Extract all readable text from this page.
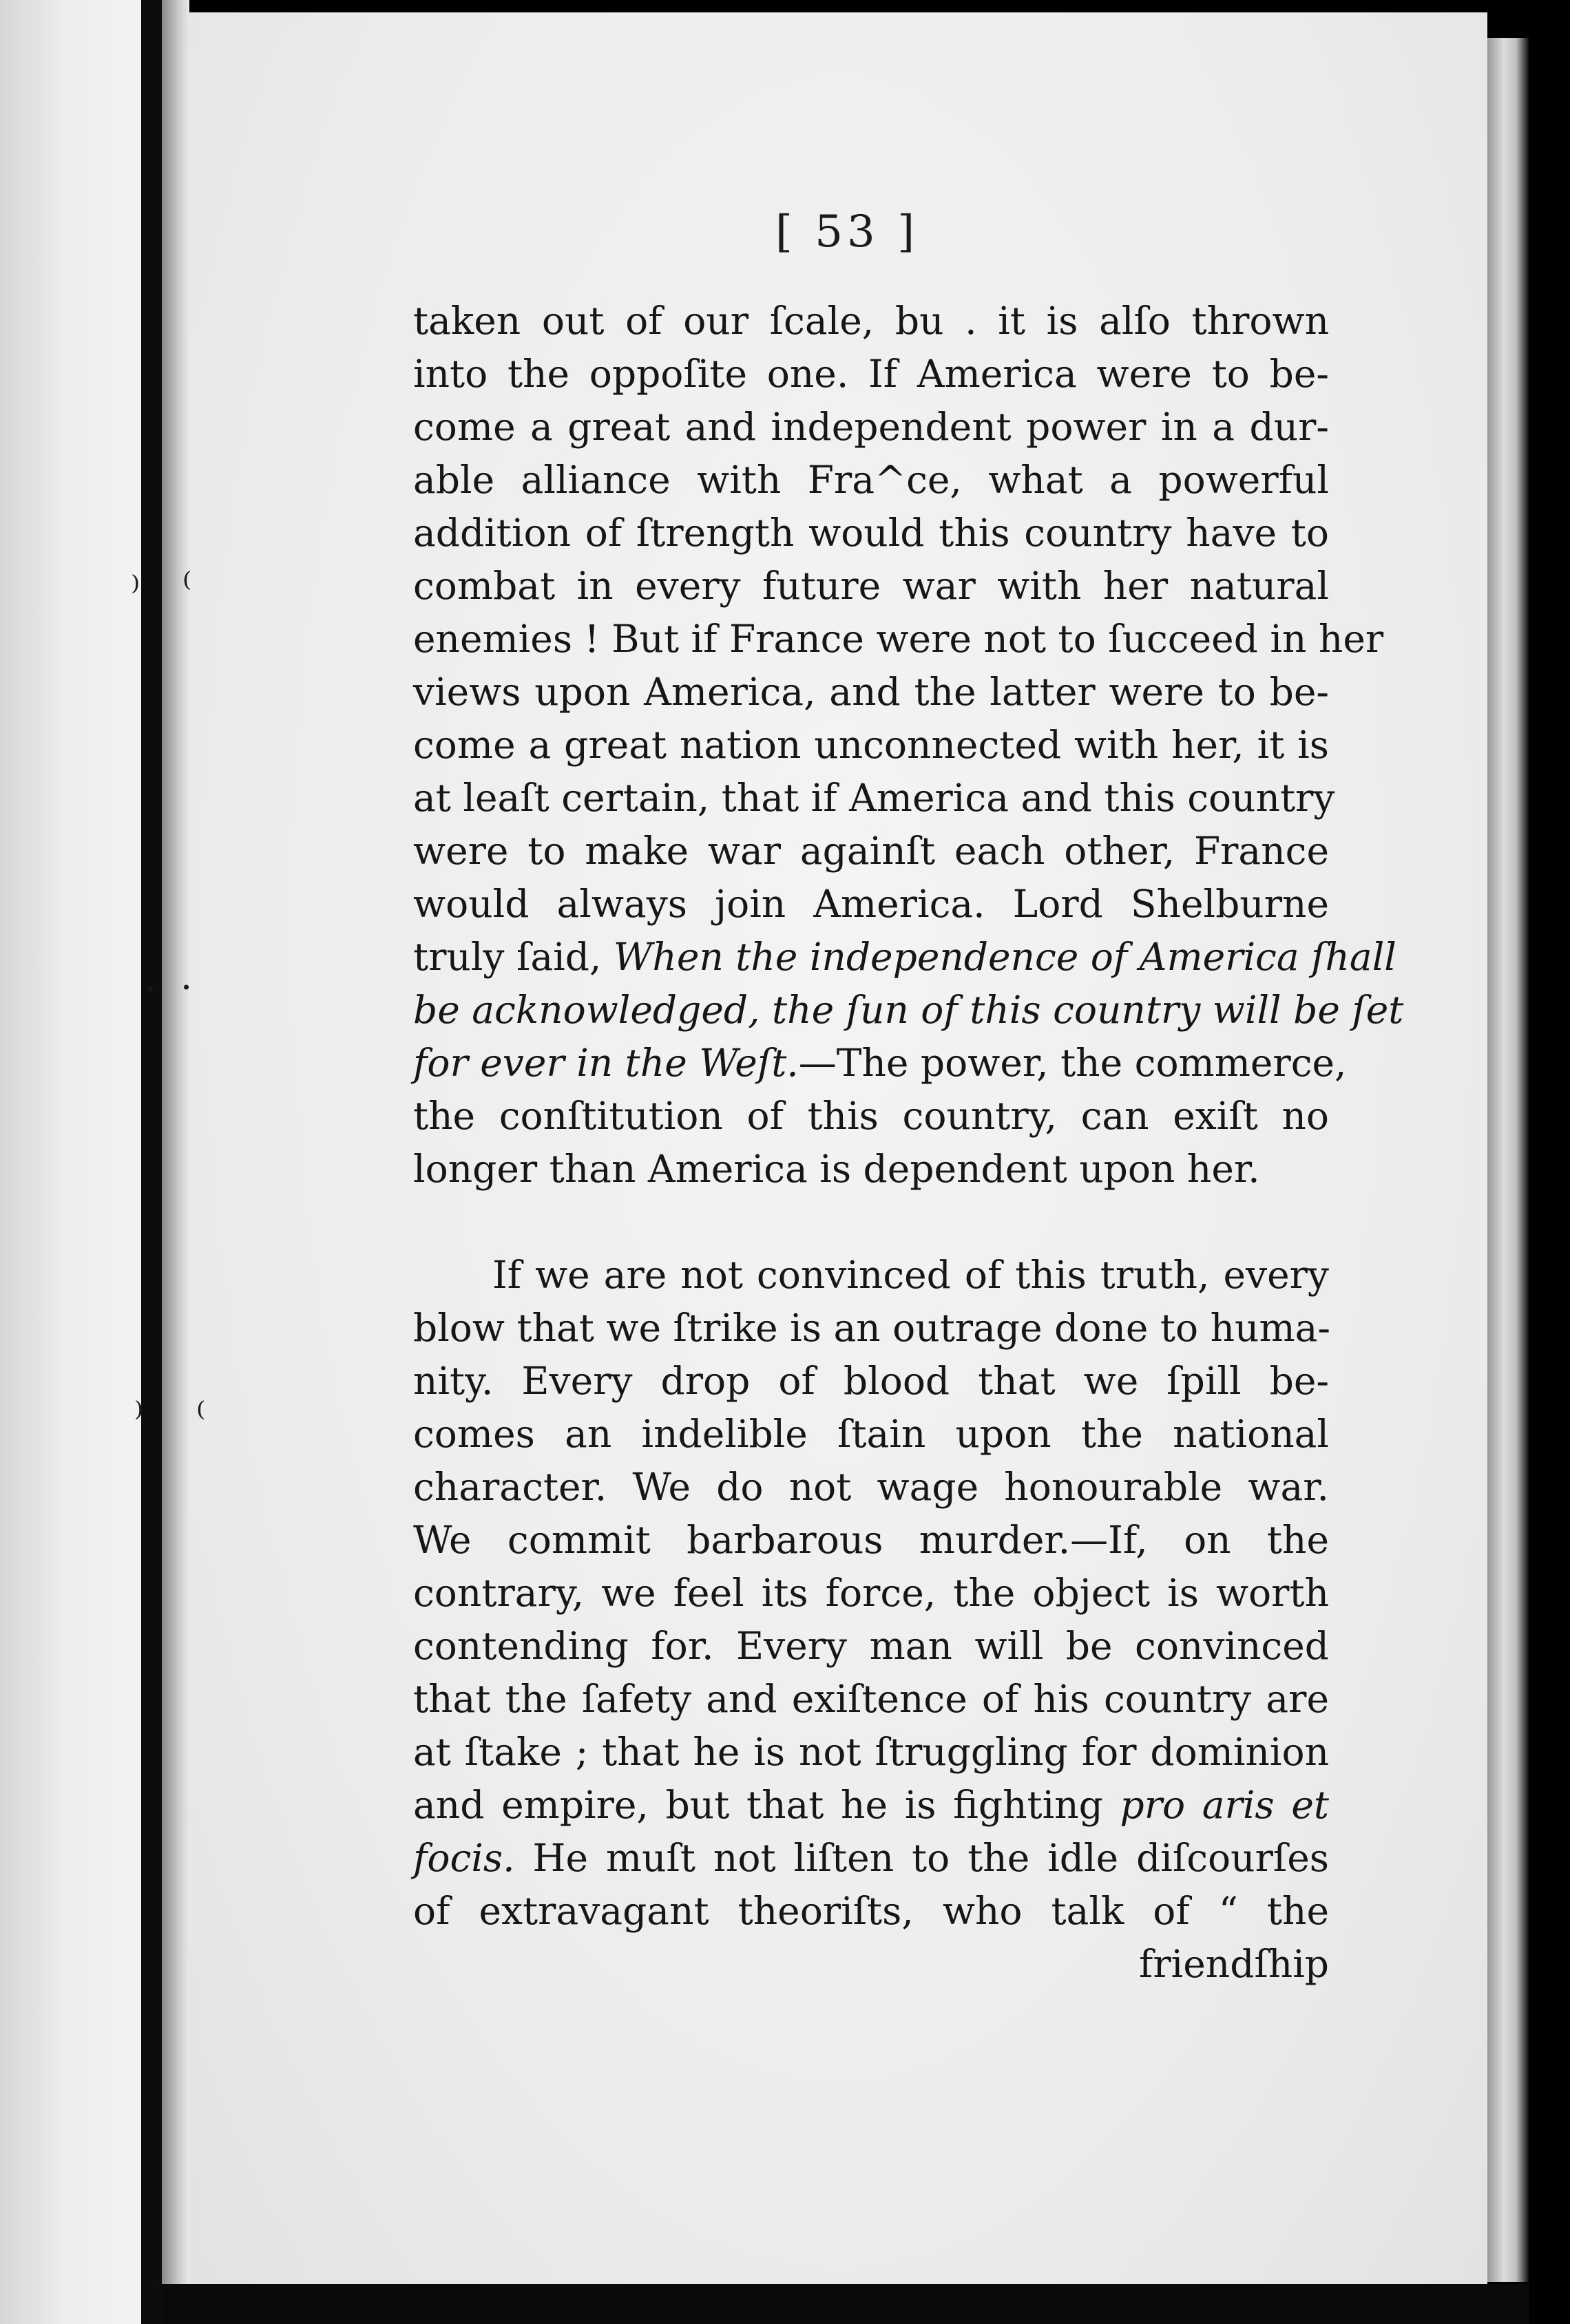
⁾ ⁽
· ·
⁾ ⁽
[ 53 ]
taken out of our ſcale, bu . it is alſo thrown
into the oppoſite one. If America were to be-
come a great and independent power in a dur-
able alliance with Fra^ce, what a powerful
addition of ſtrength would this country have to
combat in every future war with her natural
enemies ! But if France were not to ſucceed in her
views upon America, and the latter were to be-
come a great nation unconnected with her, it is
at leaſt certain, that if America and this country
were to make war againſt each other, France
would always join America. Lord Shelburne
truly ſaid, When the independence of America ſhall
be acknowledged, the ſun of this country will be ſet
for ever in the Weſt.—The power, the commerce,
the conſtitution of this country, can exiſt no
longer than America is dependent upon her.
If we are not convinced of this truth, every
blow that we ſtrike is an outrage done to huma-
nity. Every drop of blood that we ſpill be-
comes an indelible ſtain upon the national
character. We do not wage honourable war.
We commit barbarous murder.—If, on the
contrary, we feel its force, the object is worth
contending for. Every man will be convinced
that the ſafety and exiſtence of his country are
at ſtake ; that he is not ſtruggling for dominion
and empire, but that he is fighting pro aris et
focis. He muſt not liſten to the idle diſcourſes
of extravagant theoriſts, who talk of “ the
friendſhip
